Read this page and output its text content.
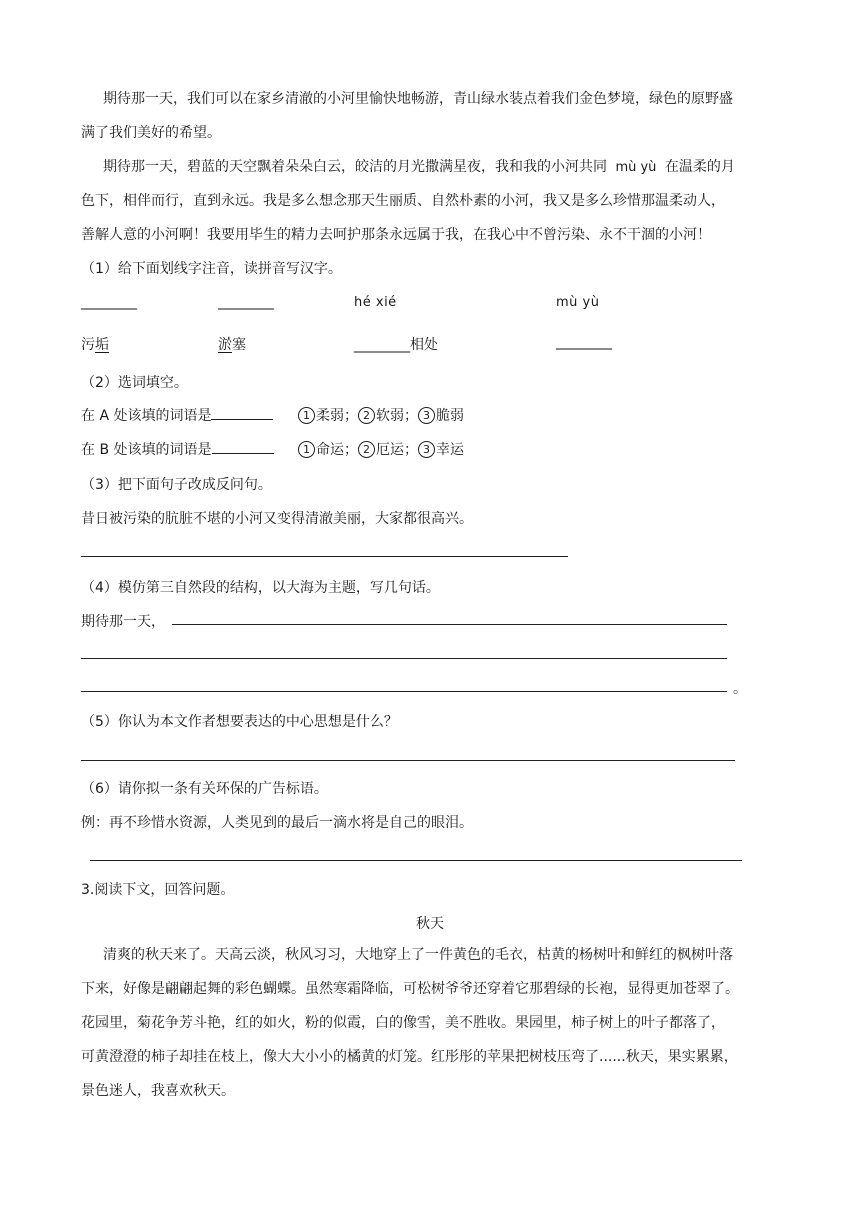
期待那一天，我们可以在家乡清澈的小河里愉快地畅游，青山绿水装点着我们金色梦境，绿色的原野盛
满了我们美好的希望。
期待那一天，碧蓝的天空飘着朵朵白云，皎洁的月光撒满星夜，我和我的小河共同 mù yù 在温柔的月
色下，相伴而行，直到永远。我是多么想念那天生丽质、自然朴素的小河，我又是多么珍惜那温柔动人，
善解人意的小河啊！我要用毕生的精力去呵护那条永远属于我，在我心中不曾污染、永不干涸的小河！
（1）给下面划线字注音，读拼音写汉字。
________	________	hé xié	mù yù
污垢	淤塞	________相处	________
（2）选词填空。
在 A 处该填的词语是	1 柔弱； 2 软弱； 3 脆弱
在 B 处该填的词语是	1 命运； 2 厄运； 3 幸运
（3）把下面句子改成反问句。
昔日被污染的肮脏不堪的小河又变得清澈美丽，大家都很高兴。
（4）模仿第三自然段的结构，以大海为主题，写几句话。
期待那一天，
。
（5）你认为本文作者想要表达的中心思想是什么？
（6）请你拟一条有关环保的广告标语。
例：再不珍惜水资源，人类见到的最后一滴水将是自己的眼泪。
3.阅读下文，回答问题。
秋天
清爽的秋天来了。天高云淡，秋风习习，大地穿上了一件黄色的毛衣，枯黄的杨树叶和鲜红的枫树叶落
下来，好像是翩翩起舞的彩色蝴蝶。虽然寒霜降临，可松树爷爷还穿着它那碧绿的长袍，显得更加苍翠了。
花园里，菊花争芳斗艳，红的如火，粉的似霞，白的像雪，美不胜收。果园里，柿子树上的叶子都落了，
可黄澄澄的柿子却挂在枝上，像大大小小的橘黄的灯笼。红彤彤的苹果把树枝压弯了......秋天，果实累累，
景色迷人，我喜欢秋天。
